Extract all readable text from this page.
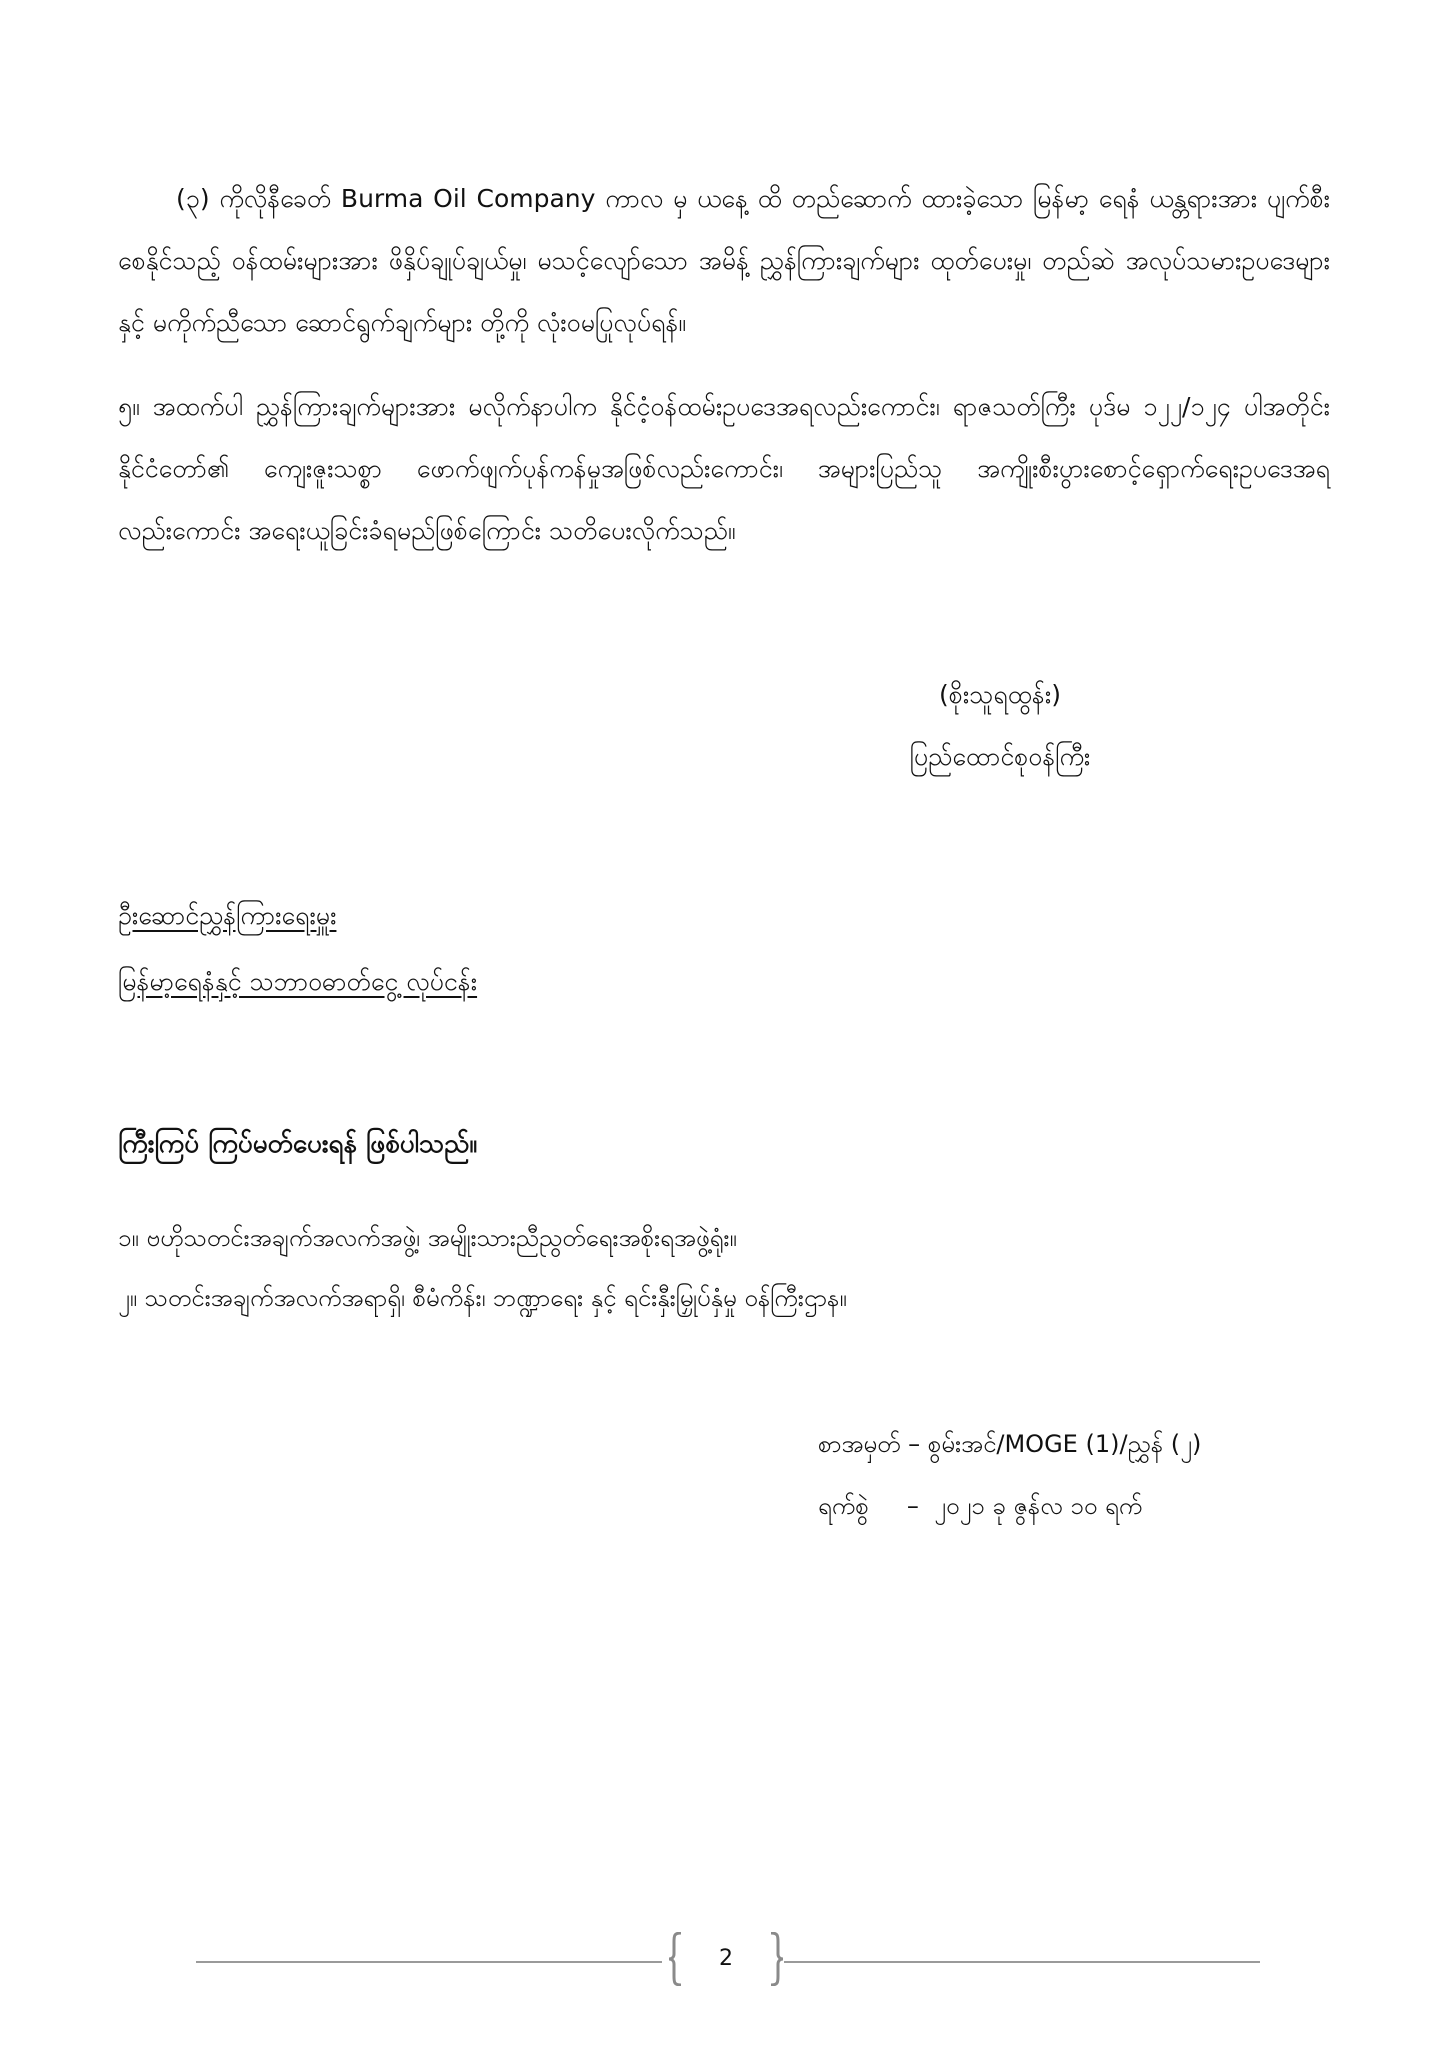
(၃) ကိုလိုနီခေတ် Burma Oil Company ကာလ မှ ယနေ့ ထိ တည်ဆောက် ထားခဲ့သော မြန်မာ့ ရေနံ ယန္တရားအား ပျက်စီးစေနိုင်သည့် ဝန်ထမ်းများအား ဖိနှိပ်ချုပ်ချယ်မှု၊ မသင့်လျော်သော အမိန့် ညွှန်ကြားချက်များ ထုတ်ပေးမှု၊ တည်ဆဲ အလုပ်သမားဥပဒေများ နှင့် မကိုက်ညီသော ဆောင်ရွက်ချက်များ တို့ကို လုံးဝမပြုလုပ်ရန်။

၅။ အထက်ပါ ညွှန်ကြားချက်များအား မလိုက်နာပါက နိုင်ငံ့ဝန်ထမ်းဥပဒေအရလည်းကောင်း၊ ရာဇသတ်ကြီး ပုဒ်မ ၁၂၂/၁၂၄ ပါအတိုင်း နိုင်ငံတော်၏ ကျေးဇူးသစ္စာ ဖောက်ဖျက်ပုန်ကန်မှုအဖြစ်လည်းကောင်း၊ အများပြည်သူ အကျိုးစီးပွားစောင့်ရှောက်ရေးဥပဒေအရလည်းကောင်း အရေးယူခြင်းခံရမည်ဖြစ်ကြောင်း သတိပေးလိုက်သည်။

(စိုးသူရထွန်း)
ပြည်ထောင်စုဝန်ကြီး

ဦးဆောင်ညွှန်ကြားရေးမှူး

မြန်မာ့ရေနံနှင့် သဘာဝဓာတ်ငွေ့ လုပ်ငန်း

ကြီးကြပ် ကြပ်မတ်ပေးရန် ဖြစ်ပါသည်။

၁။ ဗဟိုသတင်းအချက်အလက်အဖွဲ့၊ အမျိုးသားညီညွတ်ရေးအစိုးရအဖွဲ့ရုံး။

၂။ သတင်းအချက်အလက်အရာရှိ၊ စီမံကိန်း၊ ဘဏ္ဍာရေး နှင့် ရင်းနှီးမြှုပ်နှံမှု ဝန်ကြီးဌာန။

စာအမှတ် – စွမ်းအင်/MOGE (1)/ညွှန် (၂)
ရက်စွဲ     –  ၂၀၂၁ ခု ဇွန်လ ၁၀ ရက်
2
